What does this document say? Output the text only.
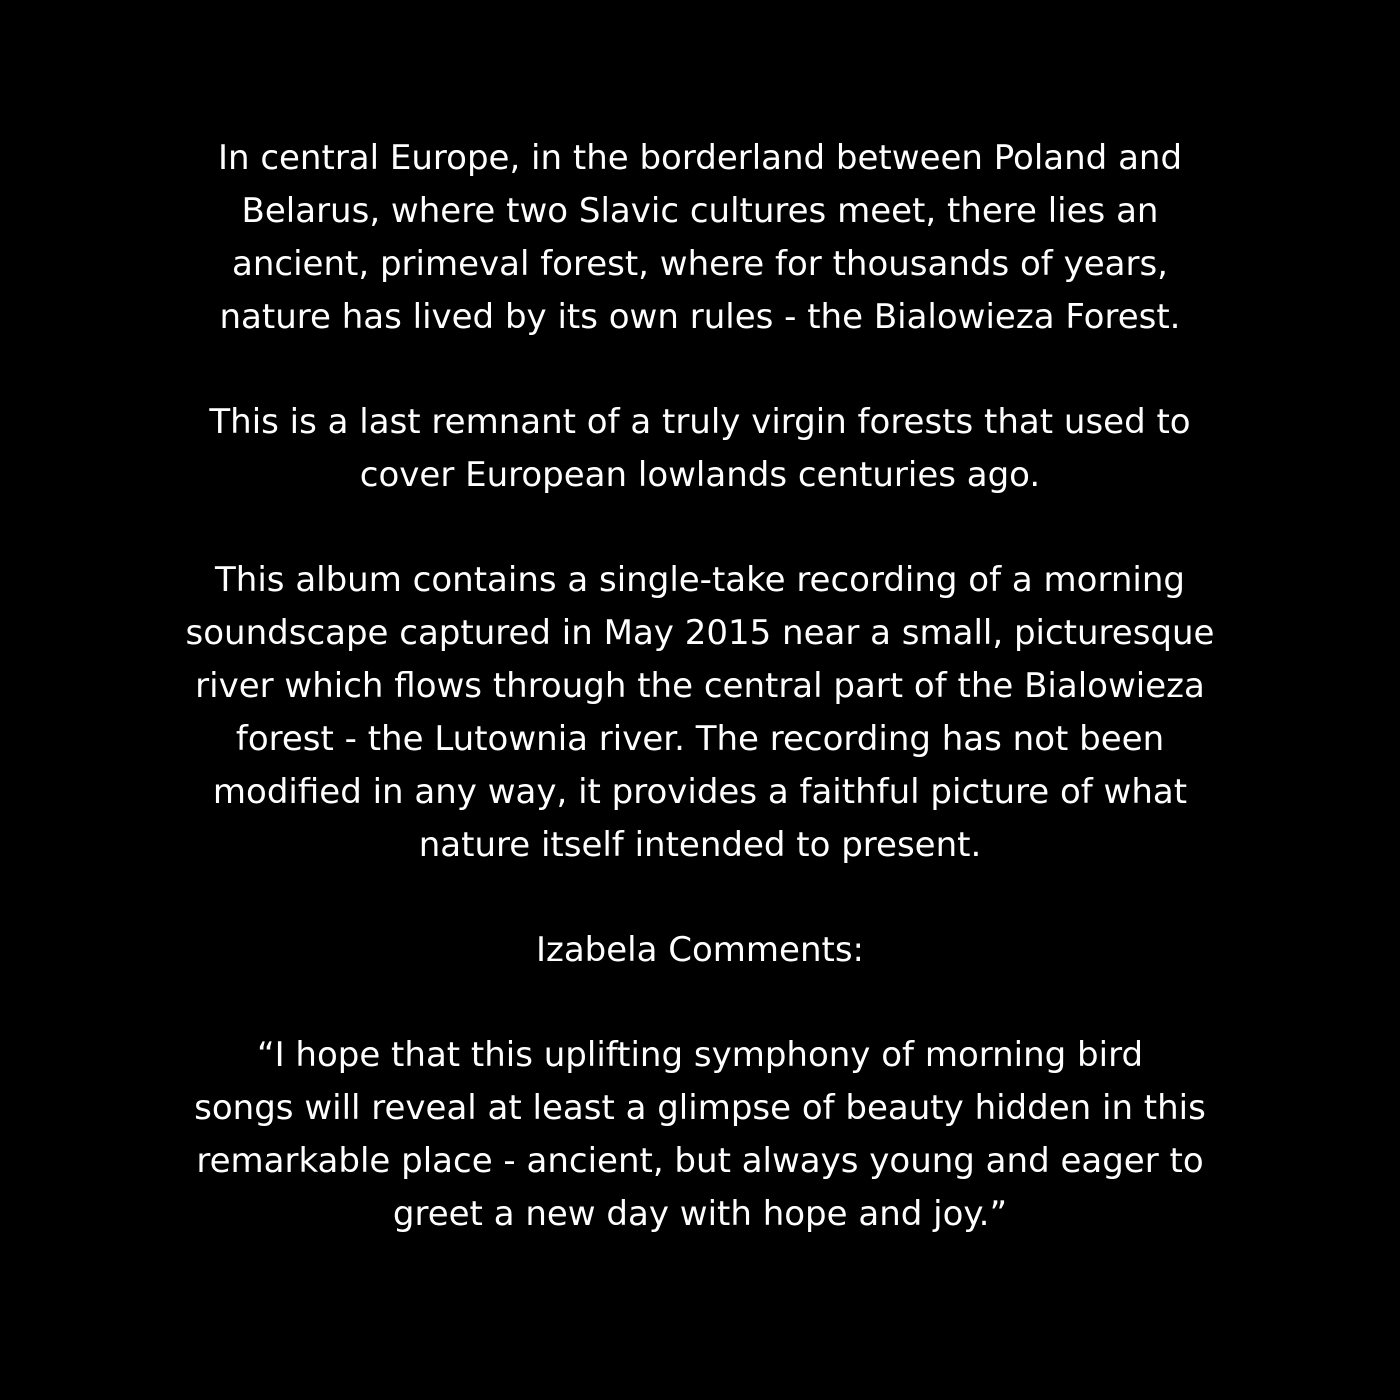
In central Europe, in the borderland between Poland and
Belarus, where two Slavic cultures meet, there lies an
ancient, primeval forest, where for thousands of years,
nature has lived by its own rules - the Bialowieza Forest.
This is a last remnant of a truly virgin forests that used to
cover European lowlands centuries ago.
This album contains a single-take recording of a morning
soundscape captured in May 2015 near a small, picturesque
river which flows through the central part of the Bialowieza
forest - the Lutownia river. The recording has not been
modified in any way, it provides a faithful picture of what
nature itself intended to present.
Izabela Comments:
“I hope that this uplifting symphony of morning bird
songs will reveal at least a glimpse of beauty hidden in this
remarkable place - ancient, but always young and eager to
greet a new day with hope and joy.”
